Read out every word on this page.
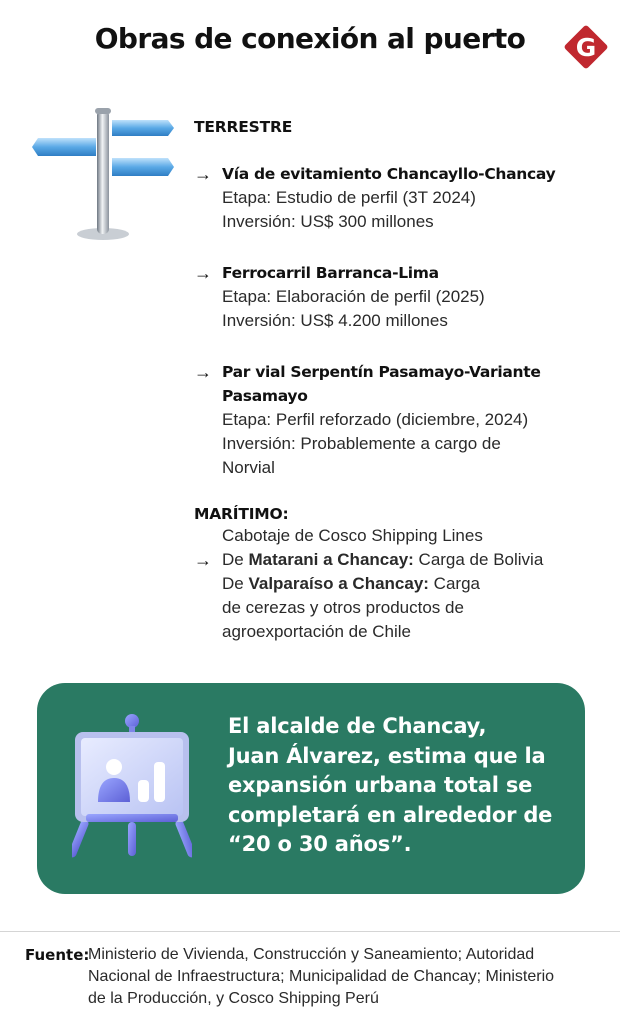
Obras de conexión al puerto	G
TERRESTRE
→ Vía de evitamiento Chancayllo-Chancay
Etapa: Estudio de perfil (3T 2024)
Inversión: US$ 300 millones
→ Ferrocarril Barranca-Lima
Etapa: Elaboración de perfil (2025)
Inversión: US$ 4.200 millones
→ Par vial Serpentín Pasamayo-Variante
Pasamayo
Etapa: Perfil reforzado (diciembre, 2024)
Inversión: Probablemente a cargo de
Norvial
MARÍTIMO:
→
Cabotaje de Cosco Shipping Lines
De Matarani a Chancay: Carga de Bolivia
De Valparaíso a Chancay: Carga
de cerezas y otros productos de
agroexportación de Chile
El alcalde de Chancay,
Juan Álvarez, estima que la
expansión urbana total se
completará en alrededor de
“20 o 30 años”.
Fuente:
Ministerio de Vivienda, Construcción y Saneamiento; Autoridad
Nacional de Infraestructura; Municipalidad de Chancay; Ministerio
de la Producción, y Cosco Shipping Perú
